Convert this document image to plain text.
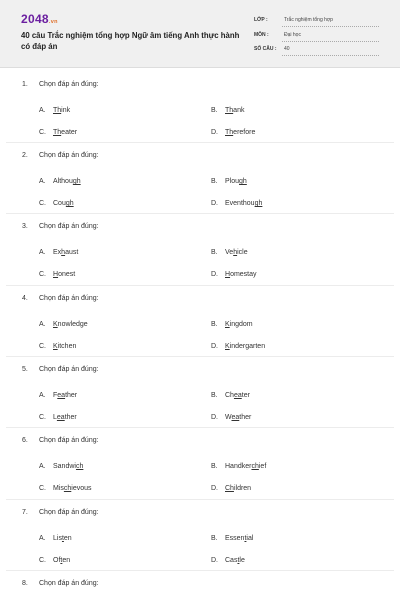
2048.vn
40 câu Trắc nghiệm tổng hợp Ngữ âm tiếng Anh thực hành có đáp án
LỚP :	Trắc nghiệm tổng hợp
MÔN :	Đại học
SỐ CÂU : 40
1. Chọn đáp án đúng:
A. Think	B. Thank
C. Theater	D. Therefore
2. Chọn đáp án đúng:
A. Although	B. Plough
C. Cough	D. Eventhough
3. Chọn đáp án đúng:
A. Exhaust	B. Vehicle
C. Honest	D. Homestay
4. Chọn đáp án đúng:
A. Knowledge	B. Kingdom
C. Kitchen	D. Kindergarten
5. Chọn đáp án đúng:
A. Feather	B. Cheater
C. Leather	D. Weather
6. Chọn đáp án đúng:
A. Sandwich	B. Handkerchief
C. Mischievous	D. Children
7. Chọn đáp án đúng:
A. Listen	B. Essential
C. Often	D. Castle
8. Chọn đáp án đúng:
